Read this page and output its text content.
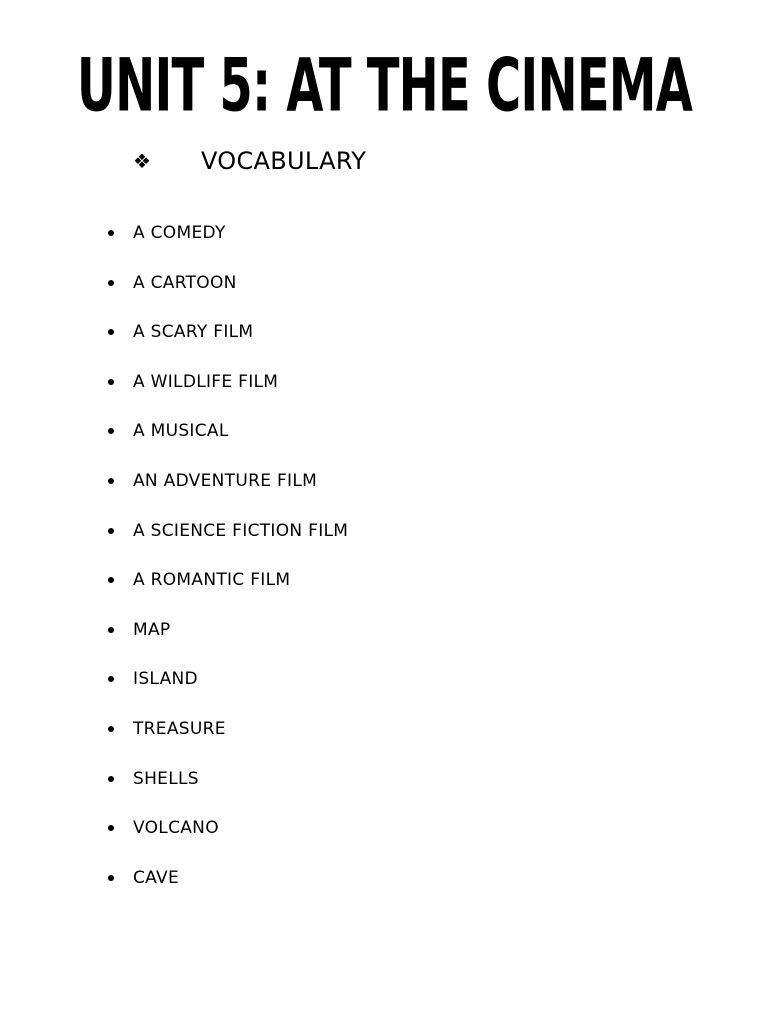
UNIT 5: AT THE CINEMA
❖	VOCABULARY
A COMEDY
A CARTOON
A SCARY FILM
A WILDLIFE FILM
A MUSICAL
AN ADVENTURE FILM
A SCIENCE FICTION FILM
A ROMANTIC FILM
MAP
ISLAND
TREASURE
SHELLS
VOLCANO
CAVE
